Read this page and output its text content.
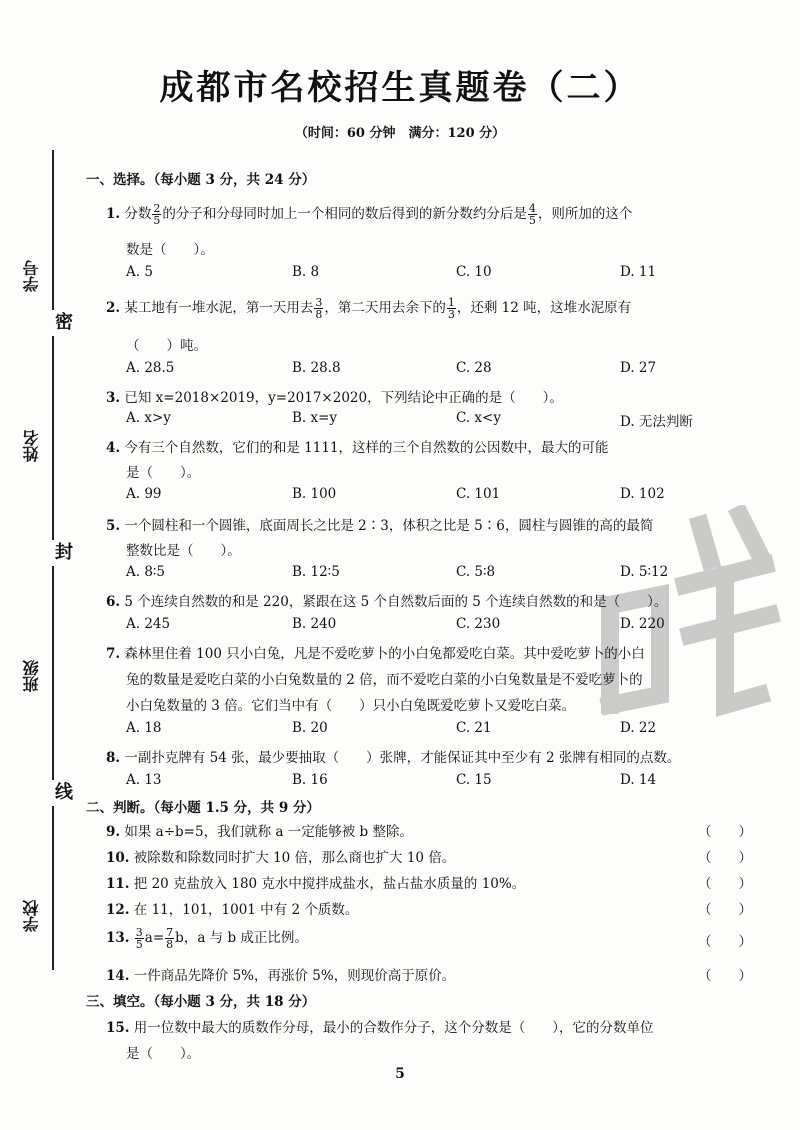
成都市名校招生真题卷（二）
（时间：60 分钟　满分：120 分）
学号
姓名
班级
学校
密
封
线
一、选择。（每小题 3 分，共 24 分）
1. 分数 $\frac{2}{5}$ 的分子和分母同时加上一个相同的数后得到的新分数约分后是 $\frac{4}{5}$ ，则所加的这个
数是（　　）。
A. 5	B. 8	C. 10	D. 11
2. 某工地有一堆水泥，第一天用去 $\frac{3}{8}$ ，第二天用去余下的 $\frac{1}{3}$ ，还剩 12 吨，这堆水泥原有
（　　）吨。
A. 28.5	B. 28.8	C. 28	D. 27
3. 已知 x=2018×2019，y=2017×2020，下列结论中正确的是（　　）。
A. x>y	B. x=y	C. x<y	D. 无法判断
4. 今有三个自然数，它们的和是 1111，这样的三个自然数的公因数中，最大的可能
是（　　）。
A. 99	B. 100	C. 101	D. 102
5. 一个圆柱和一个圆锥，底面周长之比是 2∶3，体积之比是 5∶6，圆柱与圆锥的高的最简
整数比是（　　）。
A. 8∶5	B. 12∶5	C. 5∶8	D. 5∶12
6. 5 个连续自然数的和是 220，紧跟在这 5 个自然数后面的 5 个连续自然数的和是（　　）。
A. 245	B. 240	C. 230	D. 220
7. 森林里住着 100 只小白兔，凡是不爱吃萝卜的小白兔都爱吃白菜。其中爱吃萝卜的小白
兔的数量是爱吃白菜的小白兔数量的 2 倍，而不爱吃白菜的小白兔数量是不爱吃萝卜的
小白兔数量的 3 倍。它们当中有（　　）只小白兔既爱吃萝卜又爱吃白菜。
A. 18	B. 20	C. 21	D. 22
8. 一副扑克牌有 54 张，最少要抽取（　　）张牌，才能保证其中至少有 2 张牌有相同的点数。
A. 13	B. 16	C. 15	D. 14
二、判断。（每小题 1.5 分，共 9 分）
9. 如果 a÷b=5，我们就称 a 一定能够被 b 整除。	（　　）
10. 被除数和除数同时扩大 10 倍，那么商也扩大 10 倍。	（　　）
11. 把 20 克盐放入 180 克水中搅拌成盐水，盐占盐水质量的 10%。	（　　）
12. 在 11，101，1001 中有 2 个质数。	（　　）
13. $\frac{3}{5} a= \frac{7}{8}$ b，a 与 b 成正比例。	（　　）
14. 一件商品先降价 5%，再涨价 5%，则现价高于原价。	（　　）
三、填空。（每小题 3 分，共 18 分）
15. 用一位数中最大的质数作分母，最小的合数作分子，这个分数是（　　），它的分数单位
是（　　）。
5
